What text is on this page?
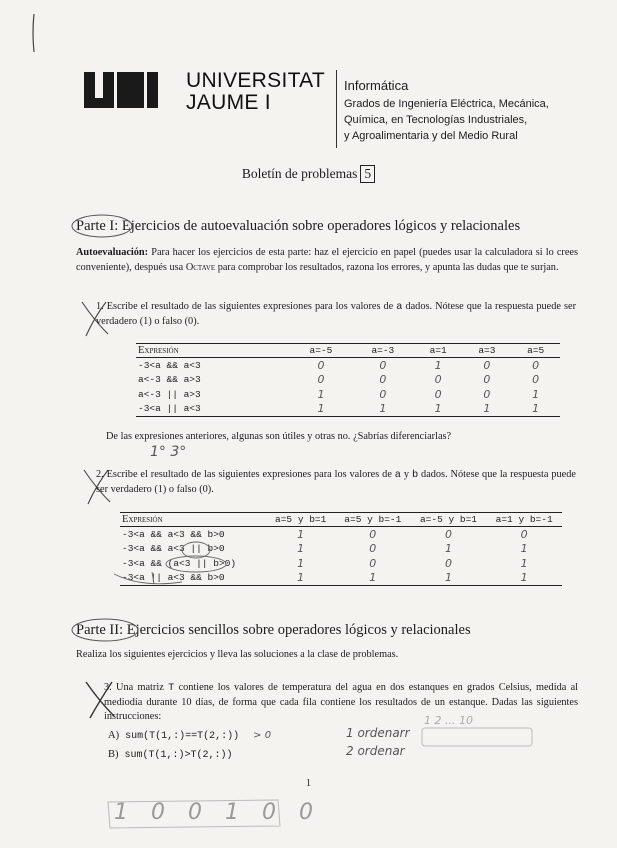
UNIVERSITAT
JAUME I
Informática
Grados de Ingeniería Eléctrica, Mecánica,
Química, en Tecnologías Industriales,
y Agroalimentaria y del Medio Rural
Boletín de problemas 5
Parte I: Ejercicios de autoevaluación sobre operadores lógicos y relacionales
Autoevaluación: Para hacer los ejercicios de esta parte: haz el ejercicio en papel (puedes usar la calculadora si lo crees conveniente), después usa Octave para comprobar los resultados, razona los errores, y apunta las dudas que te surjan.
1. Escribe el resultado de las siguientes expresiones para los valores de a dados. Nótese que la respuesta puede ser verdadero (1) o falso (0).
Expresión	a=-5	a=-3	a=1	a=3	a=5
-3<a && a<3	0	0	1	0	0
a<-3 && a>3	0	0	0	0	0
a<-3 || a>3	1	0	0	0	1
-3<a || a<3	1	1	1	1	1
De las expresiones anteriores, algunas son útiles y otras no. ¿Sabrías diferenciarlas?
1° 3°
2. Escribe el resultado de las siguientes expresiones para los valores de a y b dados. Nótese que la respuesta puede ser verdadero (1) o falso (0).
Expresión	a=5 y b=1	a=5 y b=-1	a=-5 y b=1	a=1 y b=-1
-3<a && a<3 && b>0	1	0	0	0
-3<a && a<3 || b>0	1	0	1	1
-3<a && (a<3 || b>0)	1	0	0	1
-3<a || a<3 && b>0	1	1	1	1
Parte II: Ejercicios sencillos sobre operadores lógicos y relacionales
Realiza los siguientes ejercicios y lleva las soluciones a la clase de problemas.
3. Una matriz T contiene los valores de temperatura del agua en dos estanques en grados Celsius, medida al mediodía durante 10 días, de forma que cada fila contiene los resultados de un estanque. Dadas las siguientes instrucciones:
A) sum(T(1,:)==T(2,:)) > 0
B) sum(T(1,:)>T(2,:))
1 ordenarr
2 ordenar
1 2 ... 10
1
1 0 0 1 0 0
